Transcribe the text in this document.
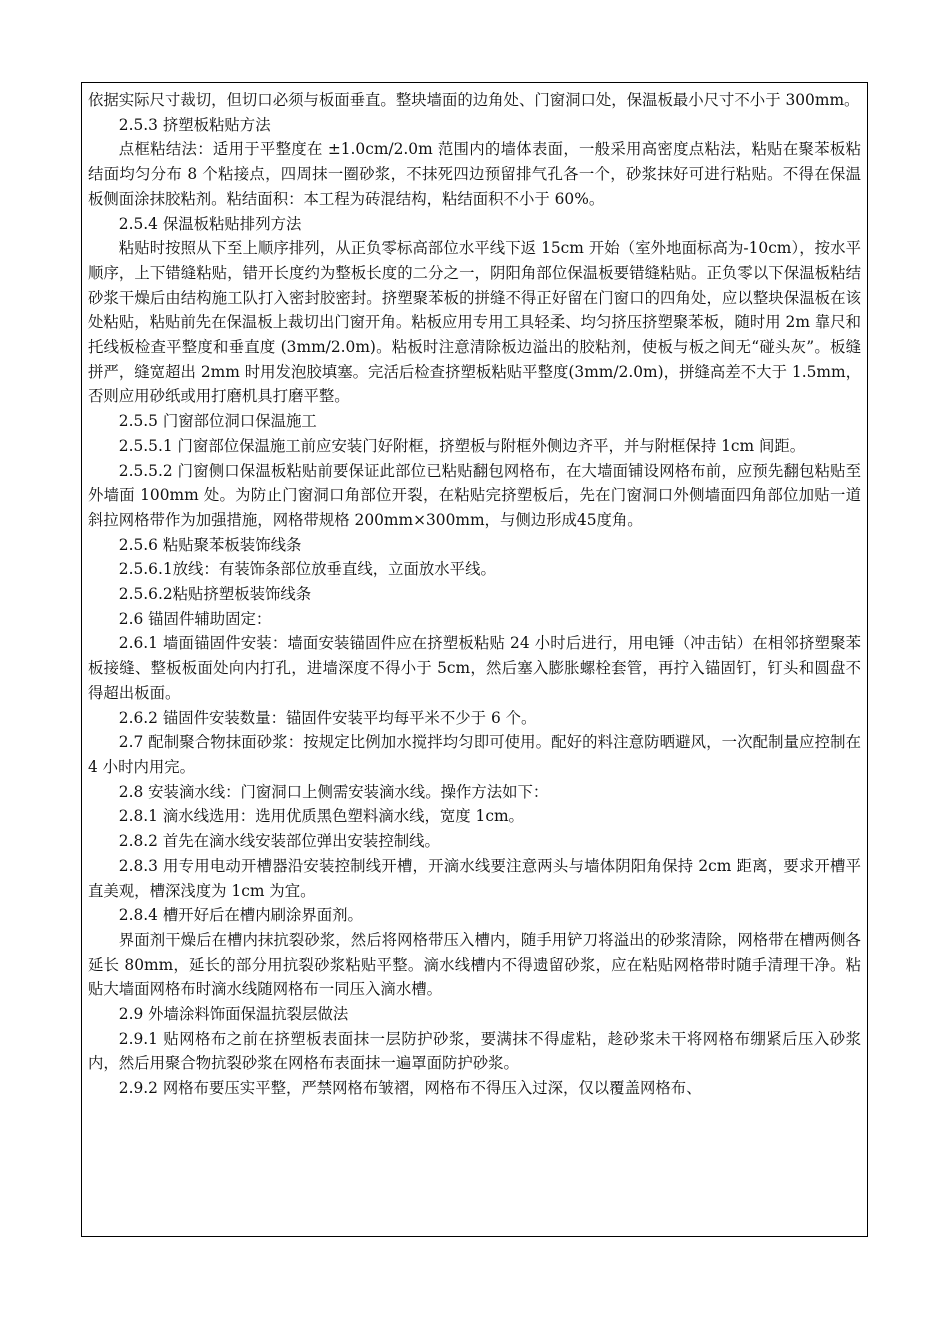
依据实际尺寸裁切，但切口必须与板面垂直。整块墙面的边角处、门窗洞口处，保温板最小尺寸不小于 300mm。

2.5.3 挤塑板粘贴方法

点框粘结法：适用于平整度在 ±1.0cm/2.0m 范围内的墙体表面，一般采用高密度点粘法，粘贴在聚苯板粘结面均匀分布 8 个粘接点，四周抹一圈砂浆，不抹死四边预留排气孔各一个，砂浆抹好可进行粘贴。不得在保温板侧面涂抹胶粘剂。粘结面积：本工程为砖混结构，粘结面积不小于 60%。

2.5.4 保温板粘贴排列方法

粘贴时按照从下至上顺序排列，从正负零标高部位水平线下返 15cm 开始（室外地面标高为-10cm），按水平顺序，上下错缝粘贴，错开长度约为整板长度的二分之一，阴阳角部位保温板要错缝粘贴。正负零以下保温板粘结砂浆干燥后由结构施工队打入密封胶密封。挤塑聚苯板的拼缝不得正好留在门窗口的四角处，应以整块保温板在该处粘贴，粘贴前先在保温板上裁切出门窗开角。粘板应用专用工具轻柔、均匀挤压挤塑聚苯板，随时用 2m 靠尺和托线板检查平整度和垂直度 (3mm/2.0m)。粘板时注意清除板边溢出的胶粘剂，使板与板之间无“碰头灰”。板缝拼严，缝宽超出 2mm 时用发泡胶填塞。完活后检查挤塑板粘贴平整度(3mm/2.0m)，拼缝高差不大于 1.5mm，否则应用砂纸或用打磨机具打磨平整。

2.5.5 门窗部位洞口保温施工

2.5.5.1 门窗部位保温施工前应安装门好附框，挤塑板与附框外侧边齐平，并与附框保持 1cm 间距。

2.5.5.2 门窗侧口保温板粘贴前要保证此部位已粘贴翻包网格布，在大墙面铺设网格布前，应预先翻包粘贴至外墙面 100mm 处。为防止门窗洞口角部位开裂，在粘贴完挤塑板后，先在门窗洞口外侧墙面四角部位加贴一道斜拉网格带作为加强措施，网格带规格 200mm×300mm，与侧边形成45度角。

2.5.6 粘贴聚苯板装饰线条

2.5.6.1放线：有装饰条部位放垂直线，立面放水平线。

2.5.6.2粘贴挤塑板装饰线条

2.6 锚固件辅助固定：

2.6.1 墙面锚固件安装：墙面安装锚固件应在挤塑板粘贴 24 小时后进行，用电锤（冲击钻）在相邻挤塑聚苯板接缝、整板板面处向内打孔，进墙深度不得小于 5cm，然后塞入膨胀螺栓套管，再拧入锚固钉，钉头和圆盘不得超出板面。

2.6.2 锚固件安装数量：锚固件安装平均每平米不少于 6 个。

2.7 配制聚合物抹面砂浆：按规定比例加水搅拌均匀即可使用。配好的料注意防晒避风，一次配制量应控制在 4 小时内用完。

2.8 安装滴水线：门窗洞口上侧需安装滴水线。操作方法如下：

2.8.1 滴水线选用：选用优质黑色塑料滴水线，宽度 1cm。

2.8.2 首先在滴水线安装部位弹出安装控制线。

2.8.3 用专用电动开槽器沿安装控制线开槽，开滴水线要注意两头与墙体阴阳角保持 2cm 距离，要求开槽平直美观，槽深浅度为 1cm 为宜。

2.8.4 槽开好后在槽内刷涂界面剂。

界面剂干燥后在槽内抹抗裂砂浆，然后将网格带压入槽内，随手用铲刀将溢出的砂浆清除，网格带在槽两侧各延长 80mm，延长的部分用抗裂砂浆粘贴平整。滴水线槽内不得遗留砂浆，应在粘贴网格带时随手清理干净。粘贴大墙面网格布时滴水线随网格布一同压入滴水槽。

2.9 外墙涂料饰面保温抗裂层做法

2.9.1 贴网格布之前在挤塑板表面抹一层防护砂浆，要满抹不得虚粘，趁砂浆未干将网格布绷紧后压入砂浆内，然后用聚合物抗裂砂浆在网格布表面抹一遍罩面防护砂浆。

2.9.2 网格布要压实平整，严禁网格布皱褶，网格布不得压入过深，仅以覆盖网格布、
